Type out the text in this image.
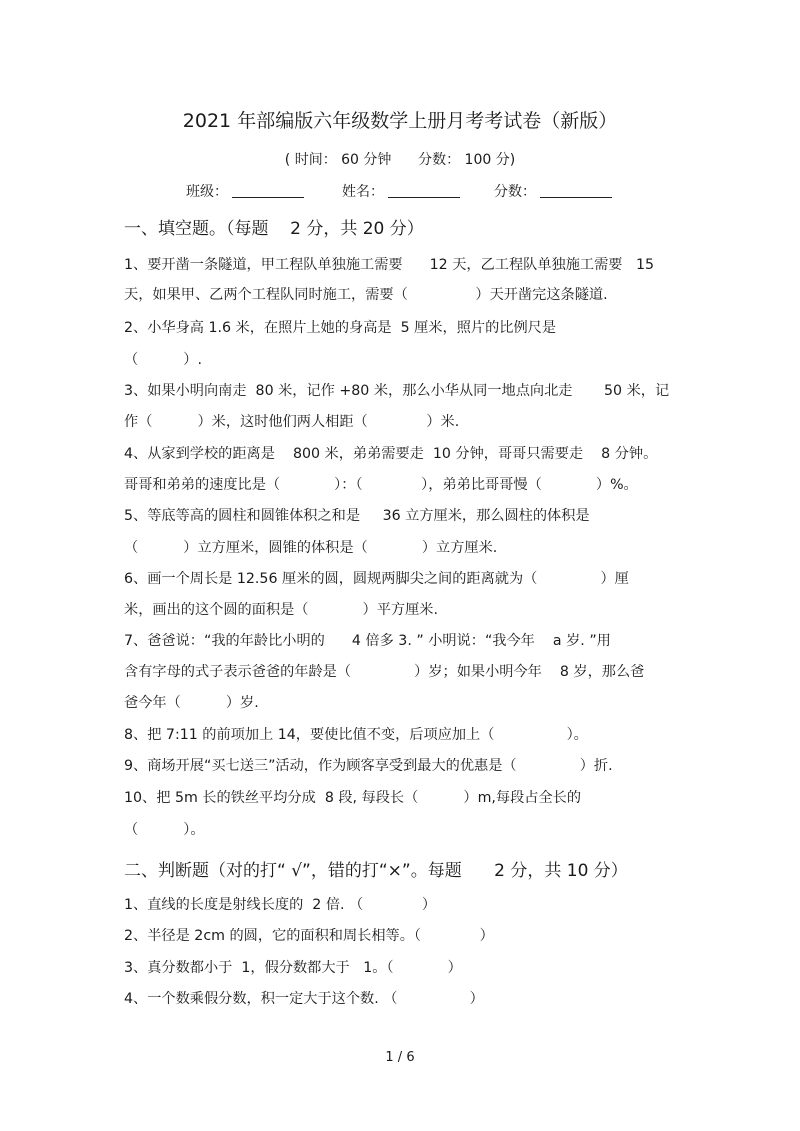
2021 年部编版六年级数学上册月考考试卷（新版）
( 时间： 60 分钟      分数： 100 分)
班级：	姓名：	分数：
一、填空题。（每题    2 分，共 20 分）
1、要开凿一条隧道，甲工程队单独施工需要      12 天，乙工程队单独施工需要   15
天，如果甲、乙两个工程队同时施工，需要（               ）天开凿完这条隧道.
2、小华身高 1.6 米，在照片上她的身高是  5 厘米，照片的比例尺是
（          ）.
3、如果小明向南走  80 米，记作 +80 米，那么小华从同一地点向北走       50 米，记
作（          ）米，这时他们两人相距（             ）米.
4、从家到学校的距离是    800 米，弟弟需要走  10 分钟，哥哥只需要走    8 分钟。
哥哥和弟弟的速度比是（            ）：（             ），弟弟比哥哥慢（            ）%。
5、等底等高的圆柱和圆锥体积之和是     36 立方厘米，那么圆柱的体积是
（          ）立方厘米，圆锥的体积是（            ）立方厘米.
6、画一个周长是 12.56 厘米的圆，圆规两脚尖之间的距离就为（              ）厘
米，画出的这个圆的面积是（            ）平方厘米.
7、爸爸说：“我的年龄比小明的      4 倍多 3. ” 小明说：“我今年    a 岁. ”用
含有字母的式子表示爸爸的年龄是（              ）岁；如果小明今年    8 岁，那么爸
爸今年（          ）岁.
8、把 7:11 的前项加上 14，要使比值不变，后项应加上（                ）。
9、商场开展“买七送三”活动，作为顾客享受到最大的优惠是（              ）折.
10、把 5m 长的铁丝平均分成  8 段, 每段长（          ）m,每段占全长的
（          ）。
二、判断题（对的打“ √”，错的打“×”。每题      2 分，共 10 分）
1、直线的长度是射线长度的  2 倍. （             ）
2、半径是 2cm 的圆，它的面积和周长相等。（             ）
3、真分数都小于  1，假分数都大于   1。（            ）
4、一个数乘假分数，积一定大于这个数. （                ）
1 / 6
